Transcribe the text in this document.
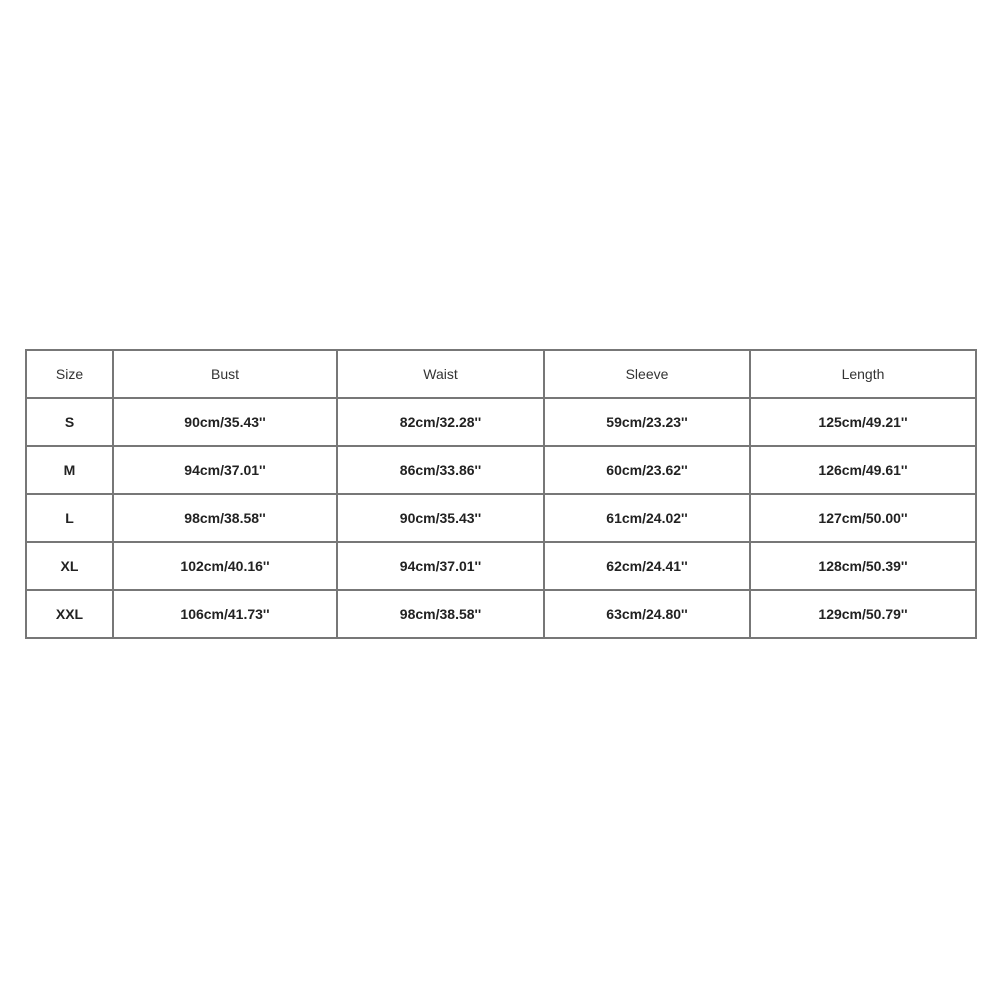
Size	Bust	Waist	Sleeve	Length
S	90cm/35.43''	82cm/32.28''	59cm/23.23''	125cm/49.21''
M	94cm/37.01''	86cm/33.86''	60cm/23.62''	126cm/49.61''
L	98cm/38.58''	90cm/35.43''	61cm/24.02''	127cm/50.00''
XL	102cm/40.16''	94cm/37.01''	62cm/24.41''	128cm/50.39''
XXL	106cm/41.73''	98cm/38.58''	63cm/24.80''	129cm/50.79''
